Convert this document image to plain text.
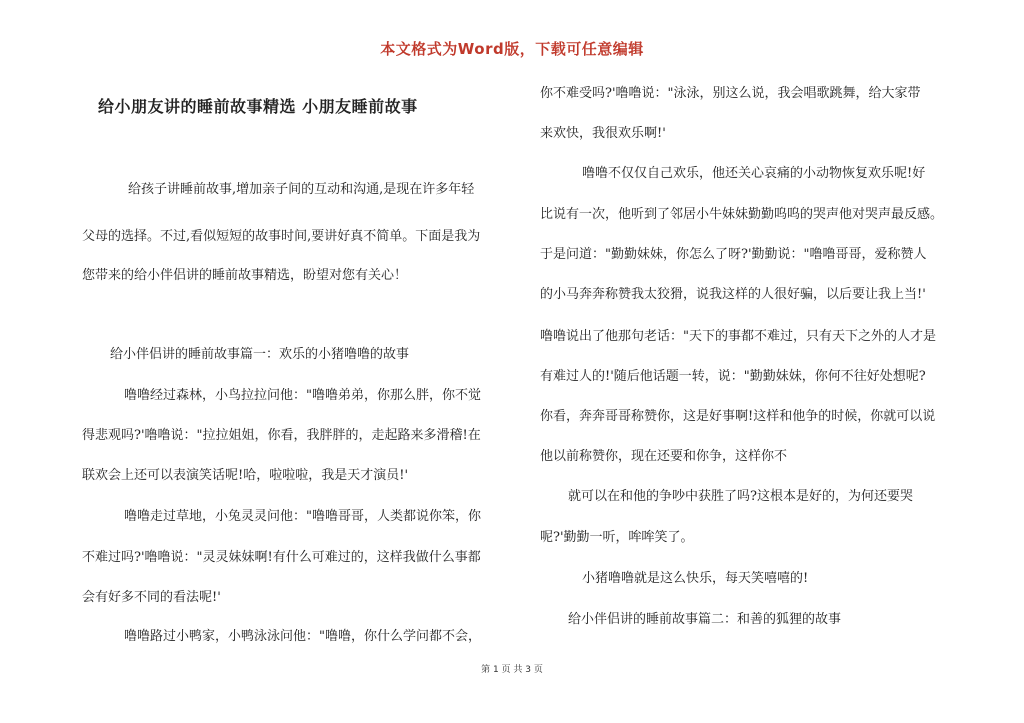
本文格式为Word版，下载可任意编辑
给小朋友讲的睡前故事精选 小朋友睡前故事
给孩子讲睡前故事,增加亲子间的互动和沟通,是现在许多年轻
父母的选择。不过,看似短短的故事时间,要讲好真不简单。下面是我为
您带来的给小伴侣讲的睡前故事精选，盼望对您有关心！
给小伴侣讲的睡前故事篇一：欢乐的小猪噜噜的故事
噜噜经过森林，小鸟拉拉问他："噜噜弟弟，你那么胖，你不觉
得悲观吗?'噜噜说："拉拉姐姐，你看，我胖胖的，走起路来多滑稽!在
联欢会上还可以表演笑话呢!哈，啦啦啦，我是天才演员!'
噜噜走过草地，小兔灵灵问他："噜噜哥哥，人类都说你笨，你
不难过吗?'噜噜说："灵灵妹妹啊!有什么可难过的，这样我做什么事都
会有好多不同的看法呢!'
噜噜路过小鸭家，小鸭泳泳问他："噜噜，你什么学问都不会，
你不难受吗?'噜噜说："泳泳，别这么说，我会唱歌跳舞，给大家带
来欢快，我很欢乐啊!'
噜噜不仅仅自己欢乐，他还关心哀痛的小动物恢复欢乐呢!好
比说有一次，他听到了邻居小牛妹妹勤勤呜呜的哭声他对哭声最反感。
于是问道："勤勤妹妹，你怎么了呀?'勤勤说："噜噜哥哥，爱称赞人
的小马奔奔称赞我太狡猾，说我这样的人很好骗，以后要让我上当!'
噜噜说出了他那句老话："天下的事都不难过，只有天下之外的人才是
有难过人的!'随后他话题一转，说："勤勤妹妹，你何不往好处想呢?
你看，奔奔哥哥称赞你，这是好事啊!这样和他争的时候，你就可以说
他以前称赞你，现在还要和你争，这样你不
就可以在和他的争吵中获胜了吗?这根本是好的，为何还要哭
呢?'勤勤一听，哞哞笑了。
小猪噜噜就是这么快乐，每天笑嘻嘻的!
给小伴侣讲的睡前故事篇二：和善的狐狸的故事
第 1 页 共 3 页
